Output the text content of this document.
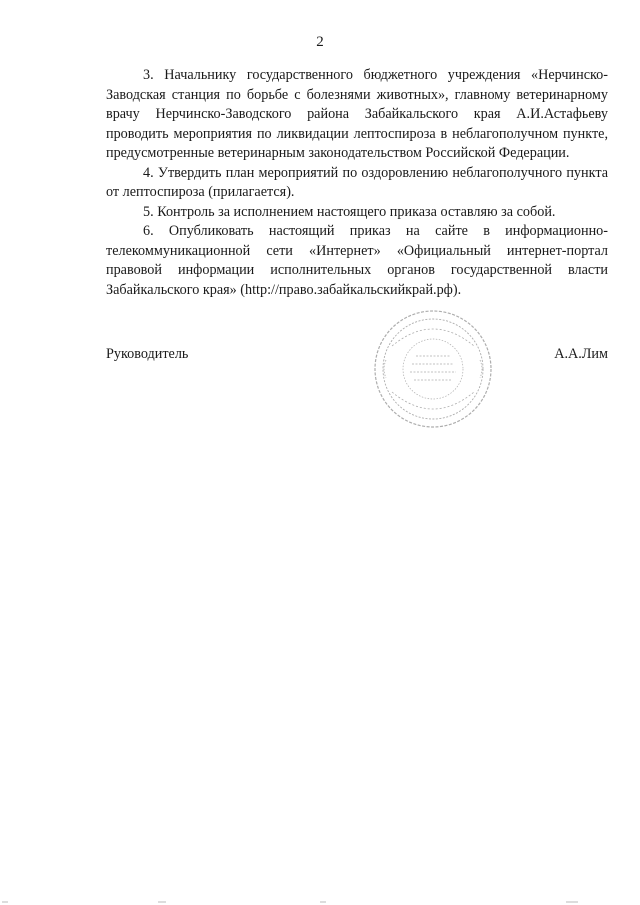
2

3. Начальнику государственного бюджетного учреждения «Нерчинско-Заводская станция по борьбе с болезнями животных», главному ветеринарному врачу Нерчинско-Заводского района Забайкальского края А.И.Астафьеву проводить мероприятия по ликвидации лептоспироза в неблагополучном пункте, предусмотренные ветеринарным законодательством Российской Федерации.

4. Утвердить план мероприятий по оздоровлению неблагополучного пункта от лептоспироза (прилагается).

5. Контроль за исполнением настоящего приказа оставляю за собой.

6. Опубликовать настоящий приказ на сайте в информационно-телекоммуникационной сети «Интернет» «Официальный интернет-портал правовой информации исполнительных органов государственной власти Забайкальского края» (http://право.забайкальскийкрай.рф).

Руководитель	А.А.Лим
